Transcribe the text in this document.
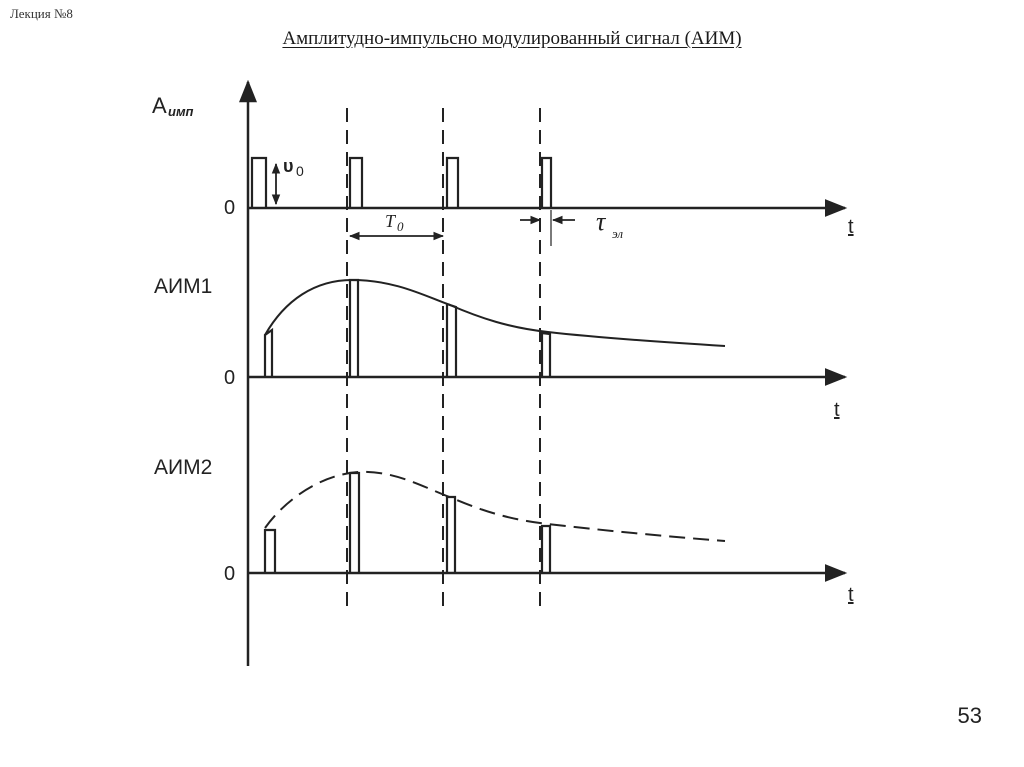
Лекция №8
Амплитудно-импульсно модулированный сигнал (АИМ)
A имп
0
0
0
t
t
t
υ 0
T 0	τ эл
АИМ1
АИМ2
53
